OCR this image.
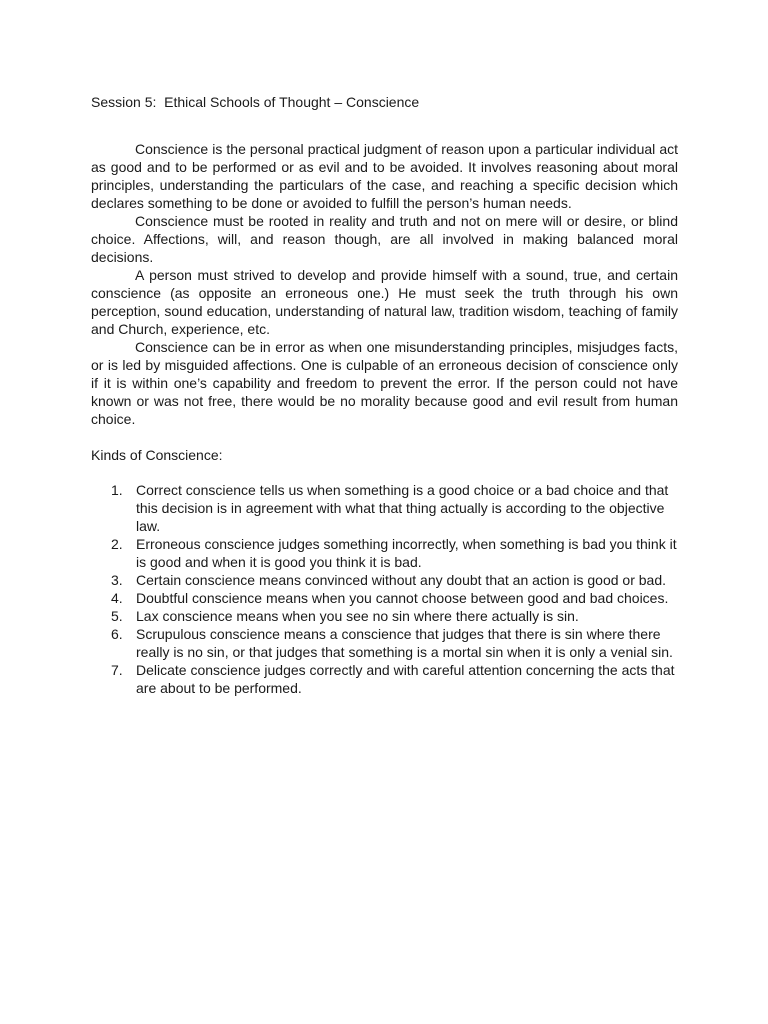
Session 5:  Ethical Schools of Thought – Conscience

Conscience is the personal practical judgment of reason upon a particular individual act as good and to be performed or as evil and to be avoided. It involves reasoning about moral principles, understanding the particulars of the case, and reaching a specific decision which declares something to be done or avoided to fulfill the person’s human needs.

Conscience must be rooted in reality and truth and not on mere will or desire, or blind choice. Affections, will, and reason though, are all involved in making balanced moral decisions.

A person must strived to develop and provide himself with a sound, true, and certain conscience (as opposite an erroneous one.) He must seek the truth through his own perception, sound education, understanding of natural law, tradition wisdom, teaching of family and Church, experience, etc.

Conscience can be in error as when one misunderstanding principles, misjudges facts, or is led by misguided affections. One is culpable of an erroneous decision of conscience only if it is within one’s capability and freedom to prevent the error. If the person could not have known or was not free, there would be no morality because good and evil result from human choice.

Kinds of Conscience:
1. Correct conscience tells us when something is a good choice or a bad choice and that this decision is in agreement with what that thing actually is according to the objective law.
2. Erroneous conscience judges something incorrectly, when something is bad you think it is good and when it is good you think it is bad.
3. Certain conscience means convinced without any doubt that an action is good or bad.
4. Doubtful conscience means when you cannot choose between good and bad choices.
5. Lax conscience means when you see no sin where there actually is sin.
6. Scrupulous conscience means a conscience that judges that there is sin where there really is no sin, or that judges that something is a mortal sin when it is only a venial sin.
7. Delicate conscience judges correctly and with careful attention concerning the acts that are about to be performed.
